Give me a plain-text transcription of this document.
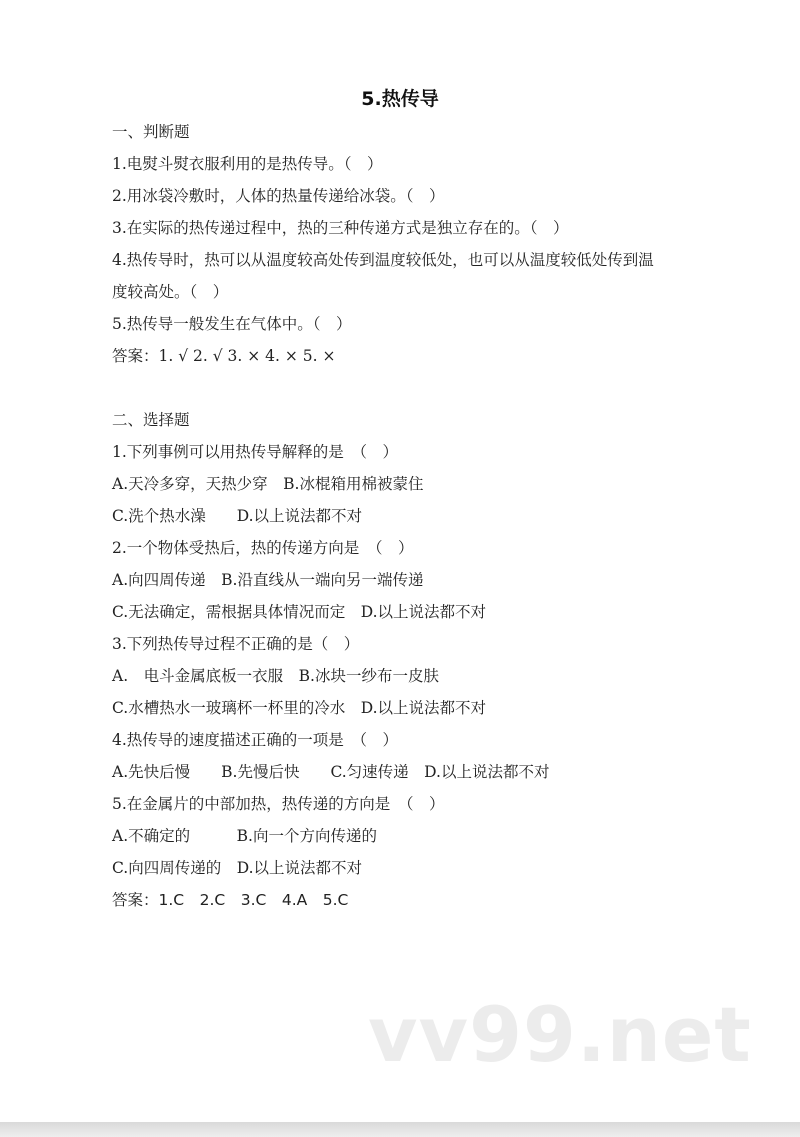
5.热传导
一、判断题
1.电熨斗熨衣服利用的是热传导。（　）
2.用冰袋冷敷时，人体的热量传递给冰袋。（　）
3.在实际的热传递过程中，热的三种传递方式是独立存在的。（　）
4.热传导时，热可以从温度较高处传到温度较低处，也可以从温度较低处传到温
度较高处。（　）
5.热传导一般发生在气体中。（　）
答案：1. √ 2. √ 3. × 4. × 5. ×
二、选择题
1.下列事例可以用热传导解释的是　（　）
A.天冷多穿，天热少穿　B.冰棍箱用棉被蒙住
C.洗个热水澡　　D.以上说法都不对
2.一个物体受热后，热的传递方向是　（　）
A.向四周传递　B.沿直线从一端向另一端传递
C.无法确定，需根据具体情况而定　D.以上说法都不对
3.下列热传导过程不正确的是（　）
A.　电斗金属底板一衣服　B.冰块一纱布一皮肤
C.水槽热水一玻璃杯一杯里的冷水　D.以上说法都不对
4.热传导的速度描述正确的一项是　（　）
A.先快后慢　　B.先慢后快　　C.匀速传递　D.以上说法都不对
5.在金属片的中部加热，热传递的方向是　（　）
A.不确定的　　　B.向一个方向传递的
C.向四周传递的　D.以上说法都不对
答案：1.C　2.C　3.C　4.A　5.C
vv99.net
